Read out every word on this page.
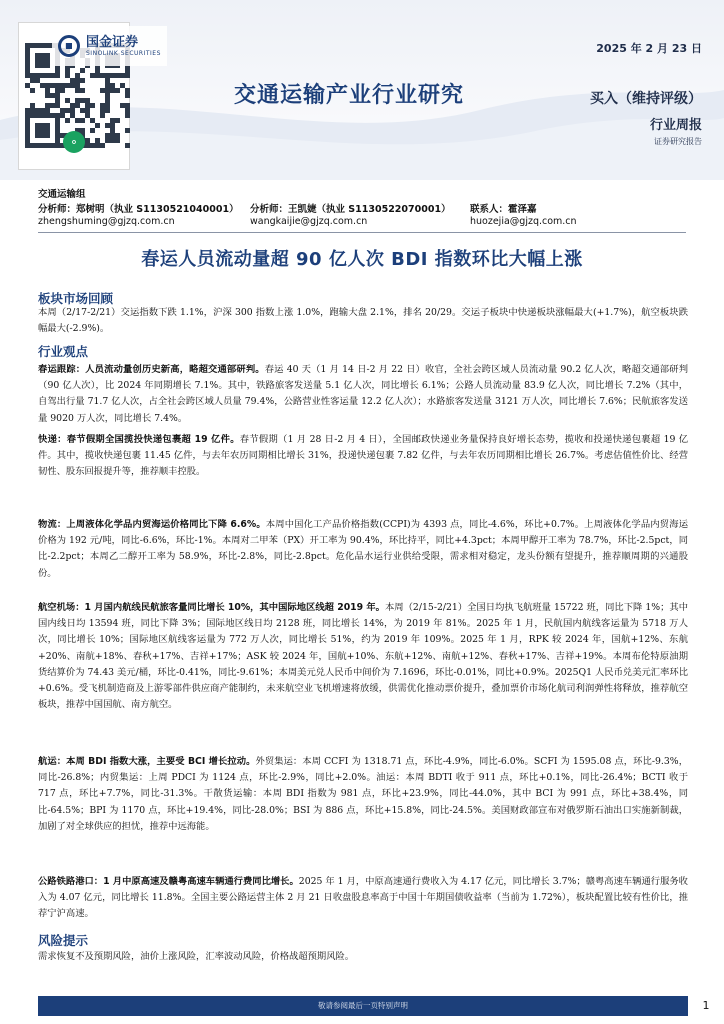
⚬
国金证券
SINOLINK SECURITIES	2025 年 2 月 23 日
交通运输产业行业研究	买入（维持评级）
行业周报
证券研究报告
交通运输组
分析师：郑树明（执业 S1130521040001） 分析师：王凯婕（执业 S1130522070001） 联系人：霍泽嘉
zhengshuming@gjzq.com.cn	wangkaijie@gjzq.com.cn	huozejia@gjzq.com.cn
春运人员流动量超 90 亿人次 BDI 指数环比大幅上涨
板块市场回顾
本周（2/17-2/21）交运指数下跌 1.1%，沪深 300 指数上涨 1.0%，跑输大盘 2.1%，排名 20/29。交运子板块中快递板块涨幅最大(+1.7%)，航空板块跌幅最大(-2.9%)。
行业观点
春运跟踪：人员流动量创历史新高，略超交通部研判。春运 40 天（1 月 14 日-2 月 22 日）收官，全社会跨区域人员流动量 90.2 亿人次，略超交通部研判（90 亿人次），比 2024 年同期增长 7.1%。其中，铁路旅客发送量 5.1 亿人次，同比增长 6.1%；公路人员流动量 83.9 亿人次，同比增长 7.2%（其中，自驾出行量 71.7 亿人次，占全社会跨区域人员量 79.4%，公路营业性客运量 12.2 亿人次）；水路旅客发送量 3121 万人次，同比增长 7.6%；民航旅客发送量 9020 万人次，同比增长 7.4%。
快递：春节假期全国揽投快递包裹超 19 亿件。春节假期（1 月 28 日-2 月 4 日），全国邮政快递业务量保持良好增长态势，揽收和投递快递包裹超 19 亿件。其中，揽收快递包裹 11.45 亿件，与去年农历同期相比增长 31%，投递快递包裹 7.82 亿件，与去年农历同期相比增长 26.7%。考虑估值性价比、经营韧性、股东回报提升等，推荐顺丰控股。
物流：上周液体化学品内贸海运价格同比下降 6.6%。本周中国化工产品价格指数(CCPI)为 4393 点，同比-4.6%，环比+0.7%。上周液体化学品内贸海运价格为 192 元/吨，同比-6.6%，环比-1%。本周对二甲苯（PX）开工率为 90.4%，环比持平，同比+4.3pct；本周甲醇开工率为 78.7%，环比-2.5pct，同比-2.2pct；本周乙二醇开工率为 58.9%，环比-2.8%，同比-2.8pct。危化品水运行业供给受限，需求相对稳定，龙头份额有望提升，推荐顺周期的兴通股份。
航空机场：1 月国内航线民航旅客量同比增长 10%，其中国际地区线超 2019 年。本周（2/15-2/21）全国日均执飞航班量 15722 班，同比下降 1%；其中国内线日均 13594 班，同比下降 3%；国际地区线日均 2128 班，同比增长 14%，为 2019 年 81%。2025 年 1 月，民航国内航线客运量为 5718 万人次，同比增长 10%；国际地区航线客运量为 772 万人次，同比增长 51%，约为 2019 年 109%。2025 年 1 月，RPK 较 2024 年，国航+12%、东航+20%、南航+18%、春秋+17%、吉祥+17%；ASK 较 2024 年，国航+10%、东航+12%、南航+12%、春秋+17%、吉祥+19%。本周布伦特原油期货结算价为 74.43 美元/桶，环比-0.41%，同比-9.61%；本周美元兑人民币中间价为 7.1696，环比-0.01%，同比+0.9%。2025Q1 人民币兑美元汇率环比+0.6%。受飞机制造商及上游零部件供应商产能制约，未来航空业飞机增速将放缓，供需优化推动票价提升，叠加票价市场化航司利润弹性将释放，推荐航空板块，推荐中国国航、南方航空。
航运：本周 BDI 指数大涨，主要受 BCI 增长拉动。外贸集运：本周 CCFI 为 1318.71 点，环比-4.9%，同比-6.0%。SCFI 为 1595.08 点，环比-9.3%，同比-26.8%；内贸集运：上周 PDCI 为 1124 点，环比-2.9%，同比+2.0%。油运：本周 BDTI 收于 911 点，环比+0.1%，同比-26.4%；BCTI 收于 717 点，环比+7.7%，同比-31.3%。干散货运输：本周 BDI 指数为 981 点，环比+23.9%，同比-44.0%，其中 BCI 为 991 点，环比+38.4%，同比-64.5%；BPI 为 1170 点，环比+19.4%，同比-28.0%；BSI 为 886 点，环比+15.8%，同比-24.5%。美国财政部宣布对俄罗斯石油出口实施新制裁，加剧了对全球供应的担忧，推荐中远海能。
公路铁路港口：1 月中原高速及赣粤高速车辆通行费同比增长。2025 年 1 月，中原高速通行费收入为 4.17 亿元，同比增长 3.7%；赣粤高速车辆通行服务收入为 4.07 亿元，同比增长 11.8%。全国主要公路运营主体 2 月 21 日收盘股息率高于中国十年期国债收益率（当前为 1.72%），板块配置比较有性价比，推荐宁沪高速。
风险提示
需求恢复不及预期风险，油价上涨风险，汇率波动风险，价格战超预期风险。
敬请参阅最后一页特别声明	1
